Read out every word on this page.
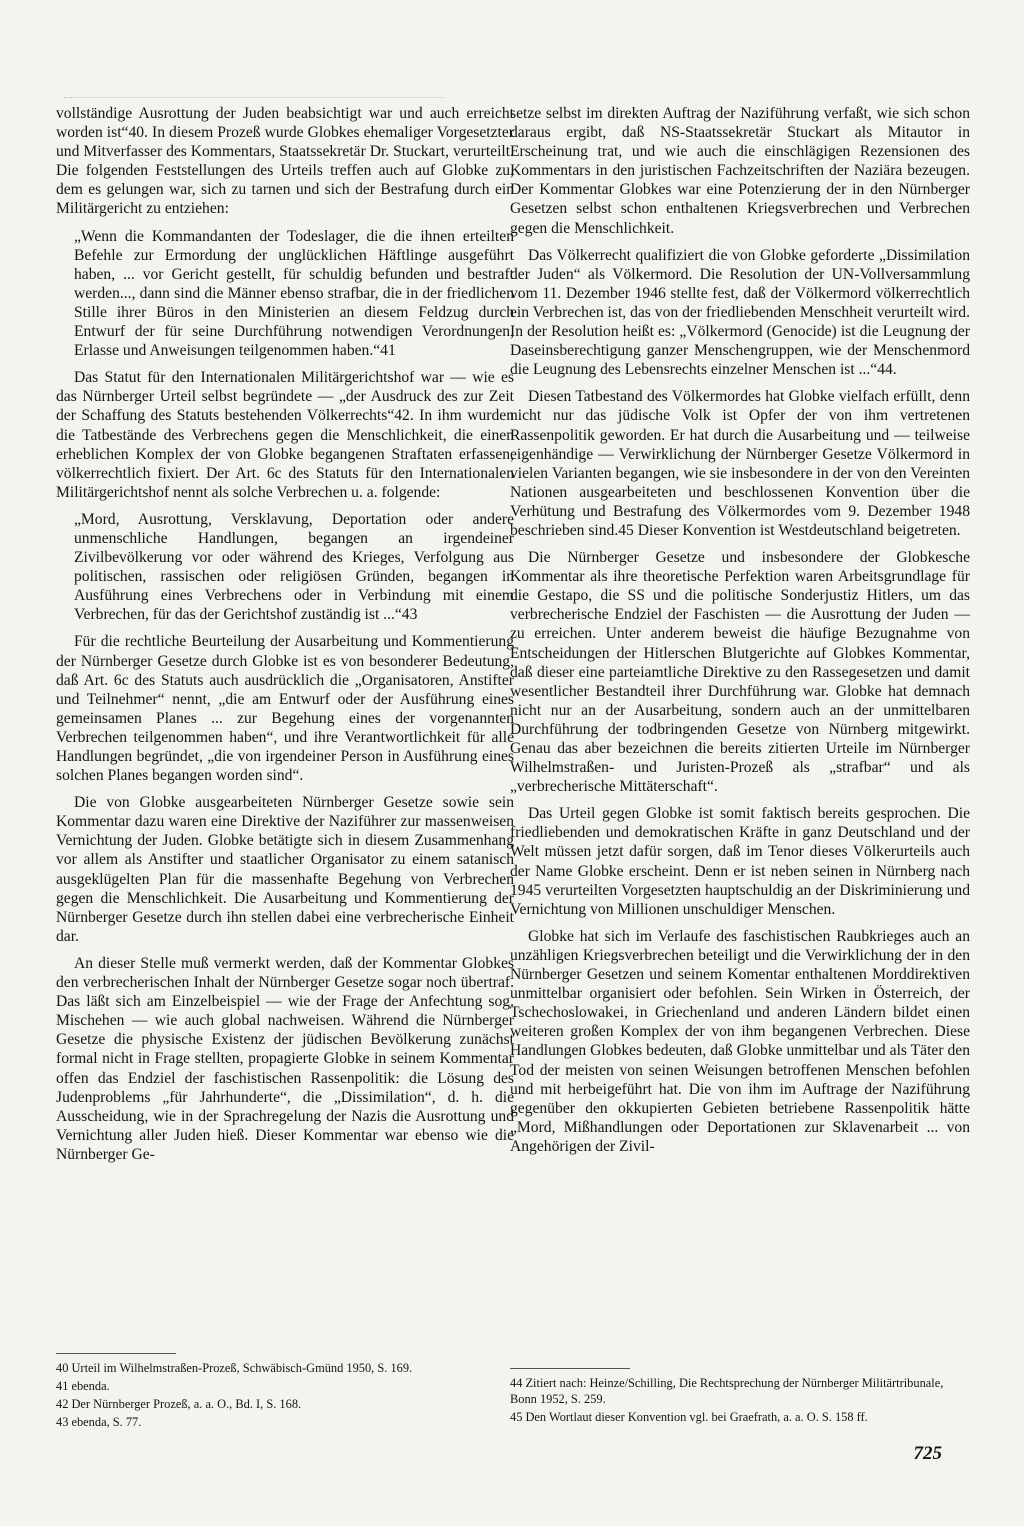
vollständige Ausrottung der Juden beabsichtigt war und auch erreicht worden ist“40. In diesem Prozeß wurde Globkes ehemaliger Vorgesetzter und Mitverfasser des Kommentars, Staatssekretär Dr. Stuckart, verurteilt. Die folgenden Feststellungen des Urteils treffen auch auf Globke zu, dem es gelungen war, sich zu tarnen und sich der Bestrafung durch ein Militärgericht zu entziehen:

„Wenn die Kommandanten der Todeslager, die die ihnen erteilten Befehle zur Ermordung der unglücklichen Häftlinge ausgeführt haben, ... vor Gericht gestellt, für schuldig befunden und bestraft werden..., dann sind die Männer ebenso strafbar, die in der friedlichen Stille ihrer Büros in den Ministerien an diesem Feldzug durch Entwurf der für seine Durchführung notwendigen Verordnungen, Erlasse und Anweisungen teilgenommen haben.“41

Das Statut für den Internationalen Militärgerichtshof war — wie es das Nürnberger Urteil selbst begründete — „der Ausdruck des zur Zeit der Schaffung des Statuts bestehenden Völkerrechts“42. In ihm wurden die Tatbestände des Verbrechens gegen die Menschlichkeit, die einen erheblichen Komplex der von Globke begangenen Straftaten erfassen, völkerrechtlich fixiert. Der Art. 6c des Statuts für den Internationalen Militärgerichtshof nennt als solche Verbrechen u. a. folgende:

„Mord, Ausrottung, Versklavung, Deportation oder andere unmenschliche Handlungen, begangen an irgendeiner Zivilbevölkerung vor oder während des Krieges, Verfolgung aus politischen, rassischen oder religiösen Gründen, begangen in Ausführung eines Verbrechens oder in Verbindung mit einem Verbrechen, für das der Gerichtshof zuständig ist ...“43

Für die rechtliche Beurteilung der Ausarbeitung und Kommentierung der Nürnberger Gesetze durch Globke ist es von besonderer Bedeutung, daß Art. 6c des Statuts auch ausdrücklich die „Organisatoren, Anstifter und Teilnehmer“ nennt, „die am Entwurf oder der Ausführung eines gemeinsamen Planes ... zur Begehung eines der vorgenannten Verbrechen teilgenommen haben“, und ihre Verantwortlichkeit für alle Handlungen begründet, „die von irgendeiner Person in Ausführung eines solchen Planes begangen worden sind“.

Die von Globke ausgearbeiteten Nürnberger Gesetze sowie sein Kommentar dazu waren eine Direktive der Naziführer zur massenweisen Vernichtung der Juden. Globke betätigte sich in diesem Zusammenhang vor allem als Anstifter und staatlicher Organisator zu einem satanisch ausgeklügelten Plan für die massenhafte Begehung von Verbrechen gegen die Menschlichkeit. Die Ausarbeitung und Kommentierung der Nürnberger Gesetze durch ihn stellen dabei eine verbrecherische Einheit dar.

An dieser Stelle muß vermerkt werden, daß der Kommentar Globkes den verbrecherischen Inhalt der Nürnberger Gesetze sogar noch übertraf. Das läßt sich am Einzelbeispiel — wie der Frage der Anfechtung sog. Mischehen — wie auch global nachweisen. Während die Nürnberger Gesetze die physische Existenz der jüdischen Bevölkerung zunächst formal nicht in Frage stellten, propagierte Globke in seinem Kommentar offen das Endziel der faschistischen Rassenpolitik: die Lösung des Judenproblems „für Jahrhunderte“, die „Dissimilation“, d. h. die Ausscheidung, wie in der Sprachregelung der Nazis die Ausrottung und Vernichtung aller Juden hieß. Dieser Kommentar war ebenso wie die Nürnberger Ge-

setze selbst im direkten Auftrag der Naziführung verfaßt, wie sich schon daraus ergibt, daß NS-Staatssekretär Stuckart als Mitautor in Erscheinung trat, und wie auch die einschlägigen Rezensionen des Kommentars in den juristischen Fachzeitschriften der Naziära bezeugen. Der Kommentar Globkes war eine Potenzierung der in den Nürnberger Gesetzen selbst schon enthaltenen Kriegsverbrechen und Verbrechen gegen die Menschlichkeit.

Das Völkerrecht qualifiziert die von Globke geforderte „Dissimilation der Juden“ als Völkermord. Die Resolution der UN-Vollversammlung vom 11. Dezember 1946 stellte fest, daß der Völkermord völkerrechtlich ein Verbrechen ist, das von der friedliebenden Menschheit verurteilt wird. In der Resolution heißt es: „Völkermord (Genocide) ist die Leugnung der Daseinsberechtigung ganzer Menschengruppen, wie der Menschenmord die Leugnung des Lebensrechts einzelner Menschen ist ...“44.

Diesen Tatbestand des Völkermordes hat Globke vielfach erfüllt, denn nicht nur das jüdische Volk ist Opfer der von ihm vertretenen Rassenpolitik geworden. Er hat durch die Ausarbeitung und — teilweise eigenhändige — Verwirklichung der Nürnberger Gesetze Völkermord in vielen Varianten begangen, wie sie insbesondere in der von den Vereinten Nationen ausgearbeiteten und beschlossenen Konvention über die Verhütung und Bestrafung des Völkermordes vom 9. Dezember 1948 beschrieben sind.45 Dieser Konvention ist Westdeutschland beigetreten.

Die Nürnberger Gesetze und insbesondere der Globkesche Kommentar als ihre theoretische Perfektion waren Arbeitsgrundlage für die Gestapo, die SS und die politische Sonderjustiz Hitlers, um das verbrecherische Endziel der Faschisten — die Ausrottung der Juden — zu erreichen. Unter anderem beweist die häufige Bezugnahme von Entscheidungen der Hitlerschen Blutgerichte auf Globkes Kommentar, daß dieser eine parteiamtliche Direktive zu den Rassegesetzen und damit wesentlicher Bestandteil ihrer Durchführung war. Globke hat demnach nicht nur an der Ausarbeitung, sondern auch an der unmittelbaren Durchführung der todbringenden Gesetze von Nürnberg mitgewirkt. Genau das aber bezeichnen die bereits zitierten Urteile im Nürnberger Wilhelmstraßen- und Juristen-Prozeß als „strafbar“ und als „verbrecherische Mittäterschaft“.

Das Urteil gegen Globke ist somit faktisch bereits gesprochen. Die friedliebenden und demokratischen Kräfte in ganz Deutschland und der Welt müssen jetzt dafür sorgen, daß im Tenor dieses Völkerurteils auch der Name Globke erscheint. Denn er ist neben seinen in Nürnberg nach 1945 verurteilten Vorgesetzten hauptschuldig an der Diskriminierung und Vernichtung von Millionen unschuldiger Menschen.

Globke hat sich im Verlaufe des faschistischen Raubkrieges auch an unzähligen Kriegsverbrechen beteiligt und die Verwirklichung der in den Nürnberger Gesetzen und seinem Komentar enthaltenen Morddirektiven unmittelbar organisiert oder befohlen. Sein Wirken in Österreich, der Tschechoslowakei, in Griechenland und anderen Ländern bildet einen weiteren großen Komplex der von ihm begangenen Verbrechen. Diese Handlungen Globkes bedeuten, daß Globke unmittelbar und als Täter den Tod der meisten von seinen Weisungen betroffenen Menschen befohlen und mit herbeigeführt hat. Die von ihm im Auftrage der Naziführung gegenüber den okkupierten Gebieten betriebene Rassenpolitik hätte „Mord, Mißhandlungen oder Deportationen zur Sklavenarbeit ... von Angehörigen der Zivil-

40 Urteil im Wilhelmstraßen-Prozeß, Schwäbisch-Gmünd 1950, S. 169.
41 ebenda.
42 Der Nürnberger Prozeß, a. a. O., Bd. I, S. 168.
43 ebenda, S. 77.
44 Zitiert nach: Heinze/Schilling, Die Rechtsprechung der Nürnberger Militärtribunale, Bonn 1952, S. 259.
45 Den Wortlaut dieser Konvention vgl. bei Graefrath, a. a. O. S. 158 ff.
725
